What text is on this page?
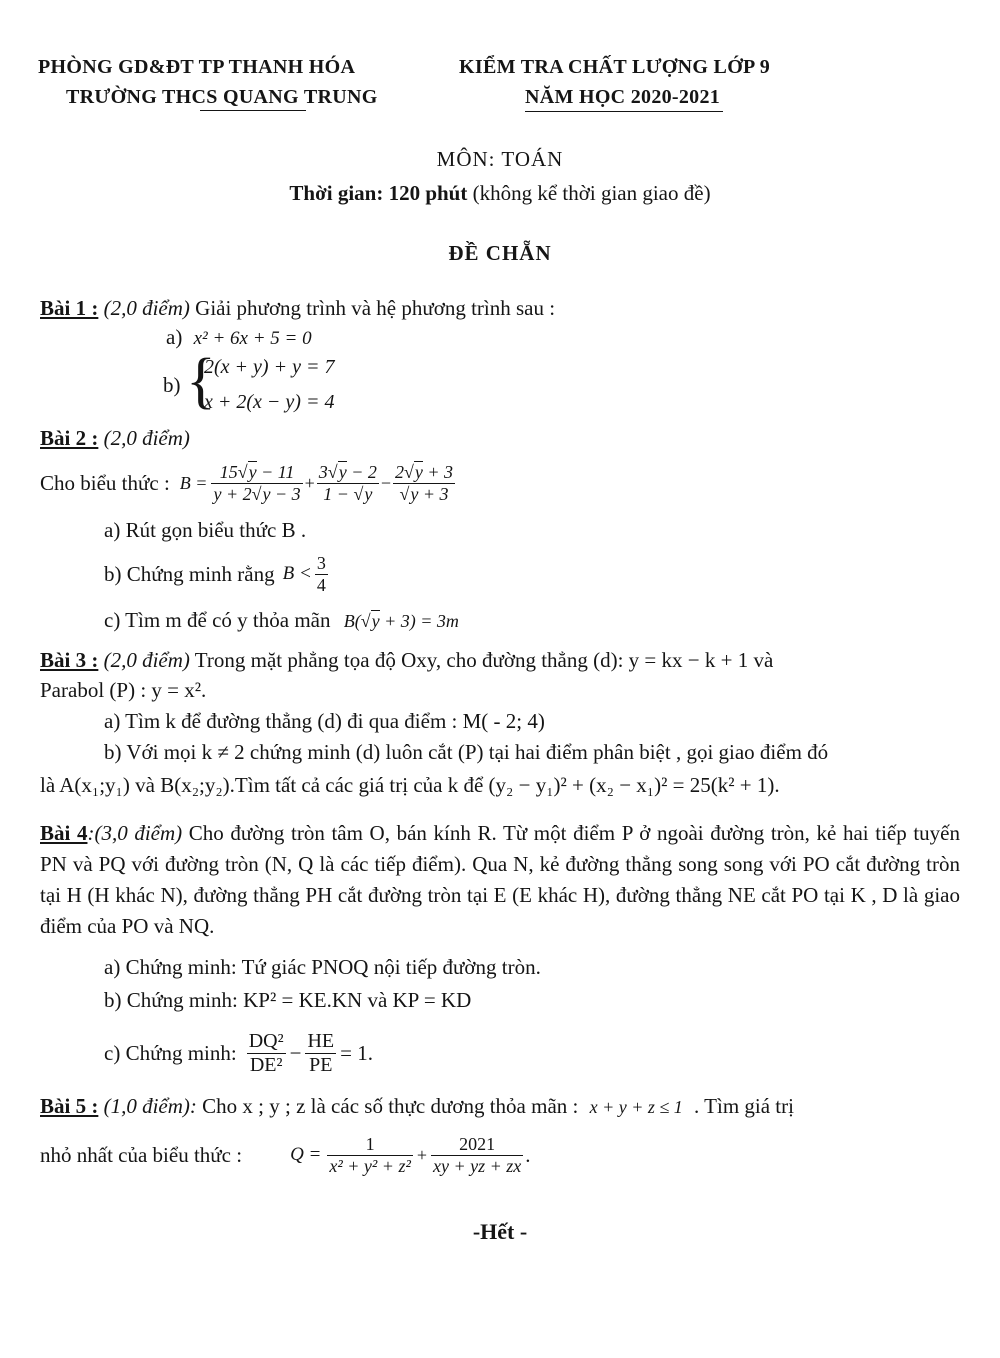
PHÒNG GD&ĐT TP THANH HÓA
TRƯỜNG THCS QUANG TRUNG
KIỂM TRA CHẤT LƯỢNG LỚP 9
NĂM HỌC 2020-2021
MÔN: TOÁN
Thời gian: 120 phút (không kể thời gian giao đề)
ĐỀ CHẴN
Bài 1 : (2,0 điểm) Giải phương trình và hệ phương trình sau :
a) x² + 6x + 5 = 0
b) {
2(x + y) + y = 7
x + 2(x − y) = 4
Bài 2 : (2,0 điểm)
Cho biểu thức : $B = \frac{15√y - 11}{y + 2√y - 3} + \frac{3√y - 2}{1 - √y} - \frac{2√y + 3}{√y + 3}$
a) Rút gọn biểu thức B .
b) Chứng minh rằng $B < \frac{3}{4}$
c) Tìm m để có y thỏa mãn B(√y + 3) = 3m
Bài 3 : (2,0 điểm) Trong mặt phẳng tọa độ Oxy, cho đường thẳng (d): y = kx − k + 1 và
Parabol (P) : y = x².
a) Tìm k để đường thẳng (d) đi qua điểm : M( - 2; 4)
b) Với mọi k ≠ 2 chứng minh (d) luôn cắt (P) tại hai điểm phân biệt , gọi giao điểm đó
là A(x₁;y₁) và B(x₂;y₂).Tìm tất cả các giá trị của k để (y₂ − y₁)² + (x₂ − x₁)² = 25(k² + 1).
Bài 4:(3,0 điểm) Cho đường tròn tâm O, bán kính R. Từ một điểm P ở ngoài đường tròn, kẻ hai tiếp tuyến PN và PQ với đường tròn (N, Q là các tiếp điểm). Qua N, kẻ đường thẳng song song với PO cắt đường tròn tại H (H khác N), đường thẳng PH cắt đường tròn tại E (E khác H), đường thẳng NE cắt PO tại K , D là giao điểm của PO và NQ.
a) Chứng minh: Tứ giác PNOQ nội tiếp đường tròn.
b) Chứng minh: KP² = KE.KN và KP = KD
c) Chứng minh: $\frac{\text{DQ²}}{\text{DE²}} - \frac{HE}{PE} = 1$.
Bài 5 : (1,0 điểm): Cho x ; y ; z là các số thực dương thỏa mãn : x + y + z ≤ 1 . Tìm giá trị
nhỏ nhất của biểu thức :	$Q = \frac{1}{\text{x² + y² + z²}} + \frac{2021}{xy + yz + zx}$ .
-Hết -
